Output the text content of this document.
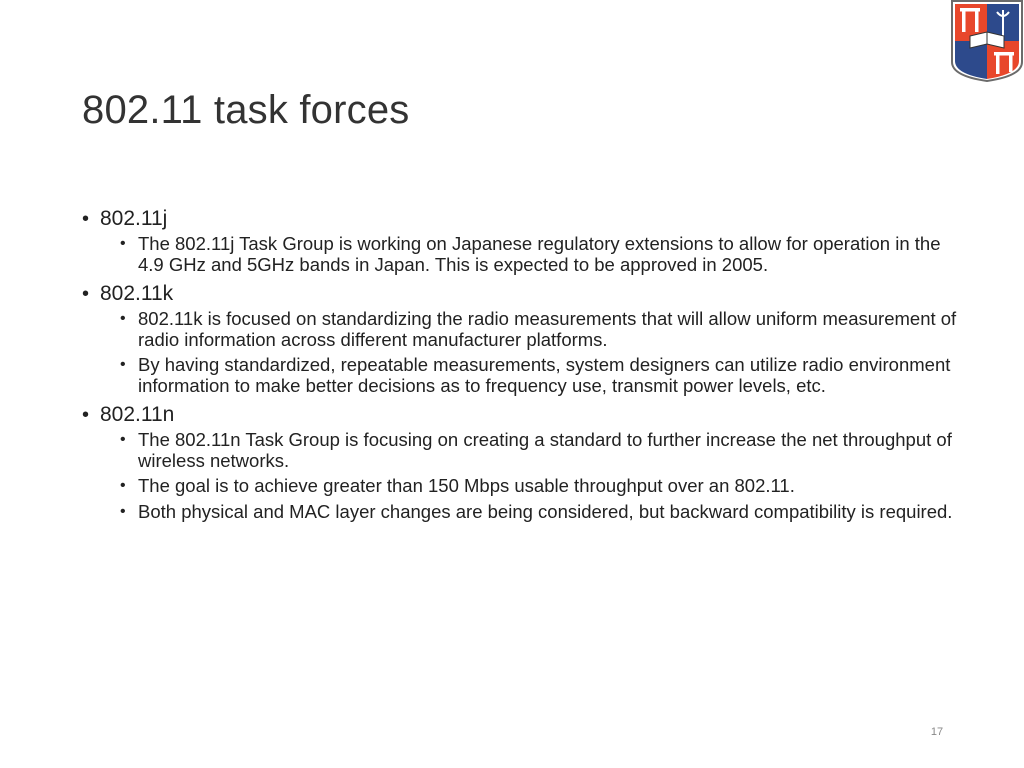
802.11 task forces
• 802.11j
• The 802.11j Task Group is working on Japanese regulatory extensions to allow for operation in the 4.9 GHz and 5GHz bands in Japan. This is expected to be approved in 2005.
• 802.11k
• 802.11k is focused on standardizing the radio measurements that will allow uniform measurement of radio information across different manufacturer platforms.
• By having standardized, repeatable measurements, system designers can utilize radio environment information to make better decisions as to frequency use, transmit power levels, etc.
• 802.11n
• The 802.11n Task Group is focusing on creating a standard to further increase the net throughput of wireless networks.
• The goal is to achieve greater than 150 Mbps usable throughput over an 802.11.
• Both physical and MAC layer changes are being considered, but backward compatibility is required.
17
